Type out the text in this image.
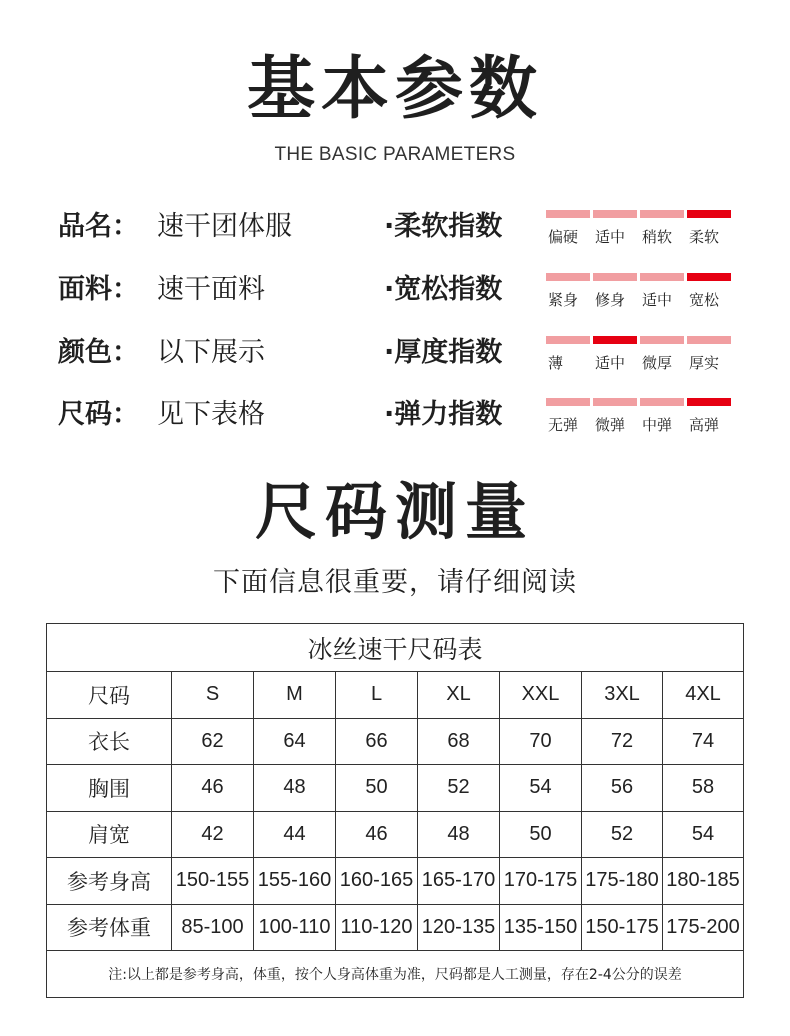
基本参数
THE BASIC PARAMETERS
品名： 速干团体服	·柔软指数	偏硬	适中	稍软	柔软
面料： 速干面料	·宽松指数	紧身	修身	适中	宽松
颜色： 以下展示	·厚度指数	薄	适中	微厚	厚实
尺码： 见下表格	·弹力指数	无弹	微弹	中弹	高弹
尺码测量
下面信息很重要，请仔细阅读
冰丝速干尺码表							
尺码	S	M	L	XL	XXL	3XL	4XL
衣长	62	64	66	68	70	72	74
胸围	46	48	50	52	54	56	58
肩宽	42	44	46	48	50	52	54
参考身高	150-155	155-160	160-165	165-170	170-175	175-180	180-185
参考体重	85-100	100-110	110-120	120-135	135-150	150-175	175-200
注:以上都是参考身高，体重，按个人身高体重为准，尺码都是人工测量，存在2-4公分的误差							
